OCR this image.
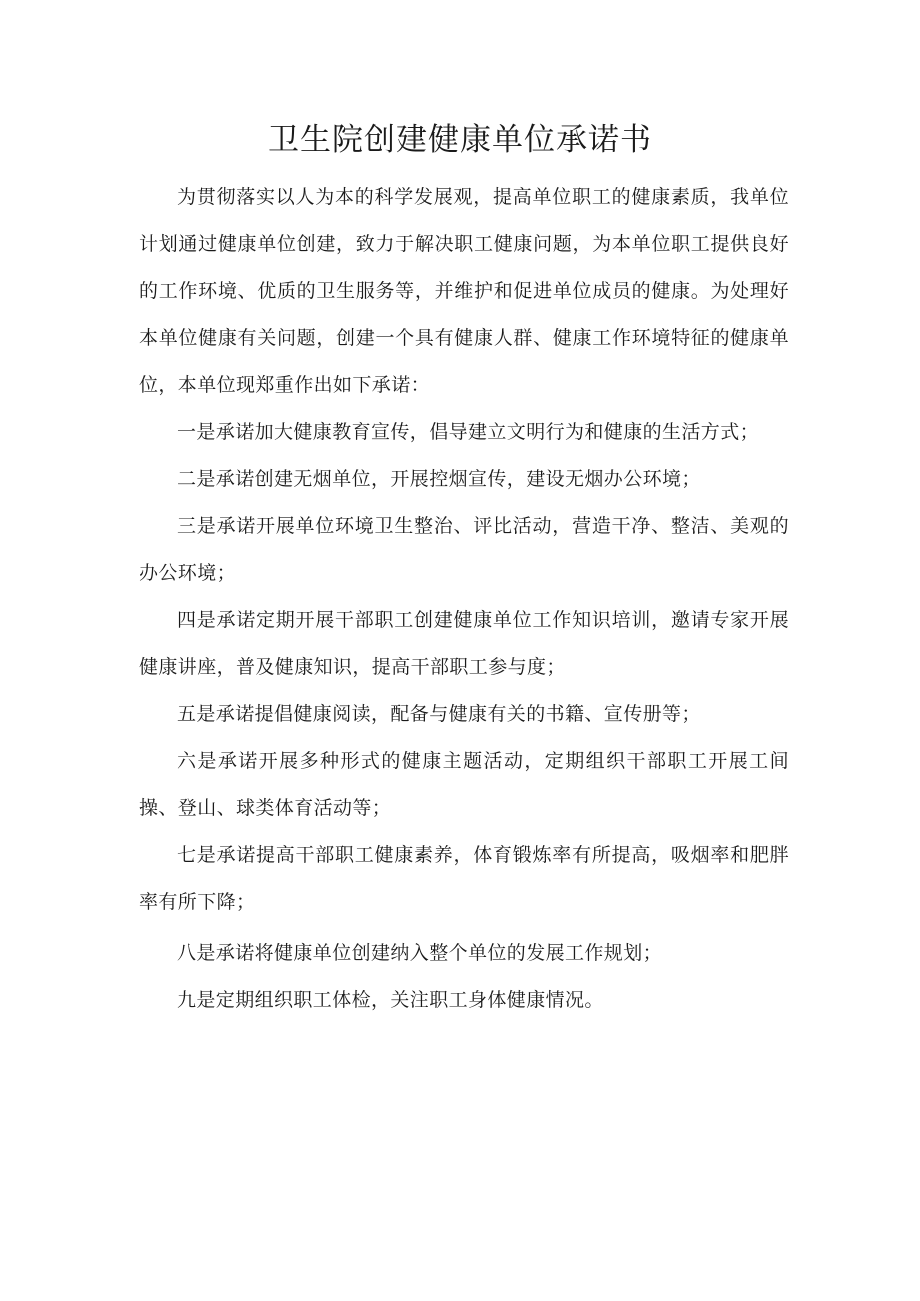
卫生院创建健康单位承诺书

为贯彻落实以人为本的科学发展观，提高单位职工的健康素质，我单位计划通过健康单位创建，致力于解决职工健康问题，为本单位职工提供良好的工作环境、优质的卫生服务等，并维护和促进单位成员的健康。为处理好本单位健康有关问题，创建一个具有健康人群、健康工作环境特征的健康单位，本单位现郑重作出如下承诺：

一是承诺加大健康教育宣传，倡导建立文明行为和健康的生活方式；

二是承诺创建无烟单位，开展控烟宣传，建设无烟办公环境；

三是承诺开展单位环境卫生整治、评比活动，营造干净、整洁、美观的办公环境；

四是承诺定期开展干部职工创建健康单位工作知识培训，邀请专家开展健康讲座，普及健康知识，提高干部职工参与度；

五是承诺提倡健康阅读，配备与健康有关的书籍、宣传册等；

六是承诺开展多种形式的健康主题活动，定期组织干部职工开展工间操、登山、球类体育活动等；

七是承诺提高干部职工健康素养，体育锻炼率有所提高，吸烟率和肥胖率有所下降；

八是承诺将健康单位创建纳入整个单位的发展工作规划；

九是定期组织职工体检，关注职工身体健康情况。
